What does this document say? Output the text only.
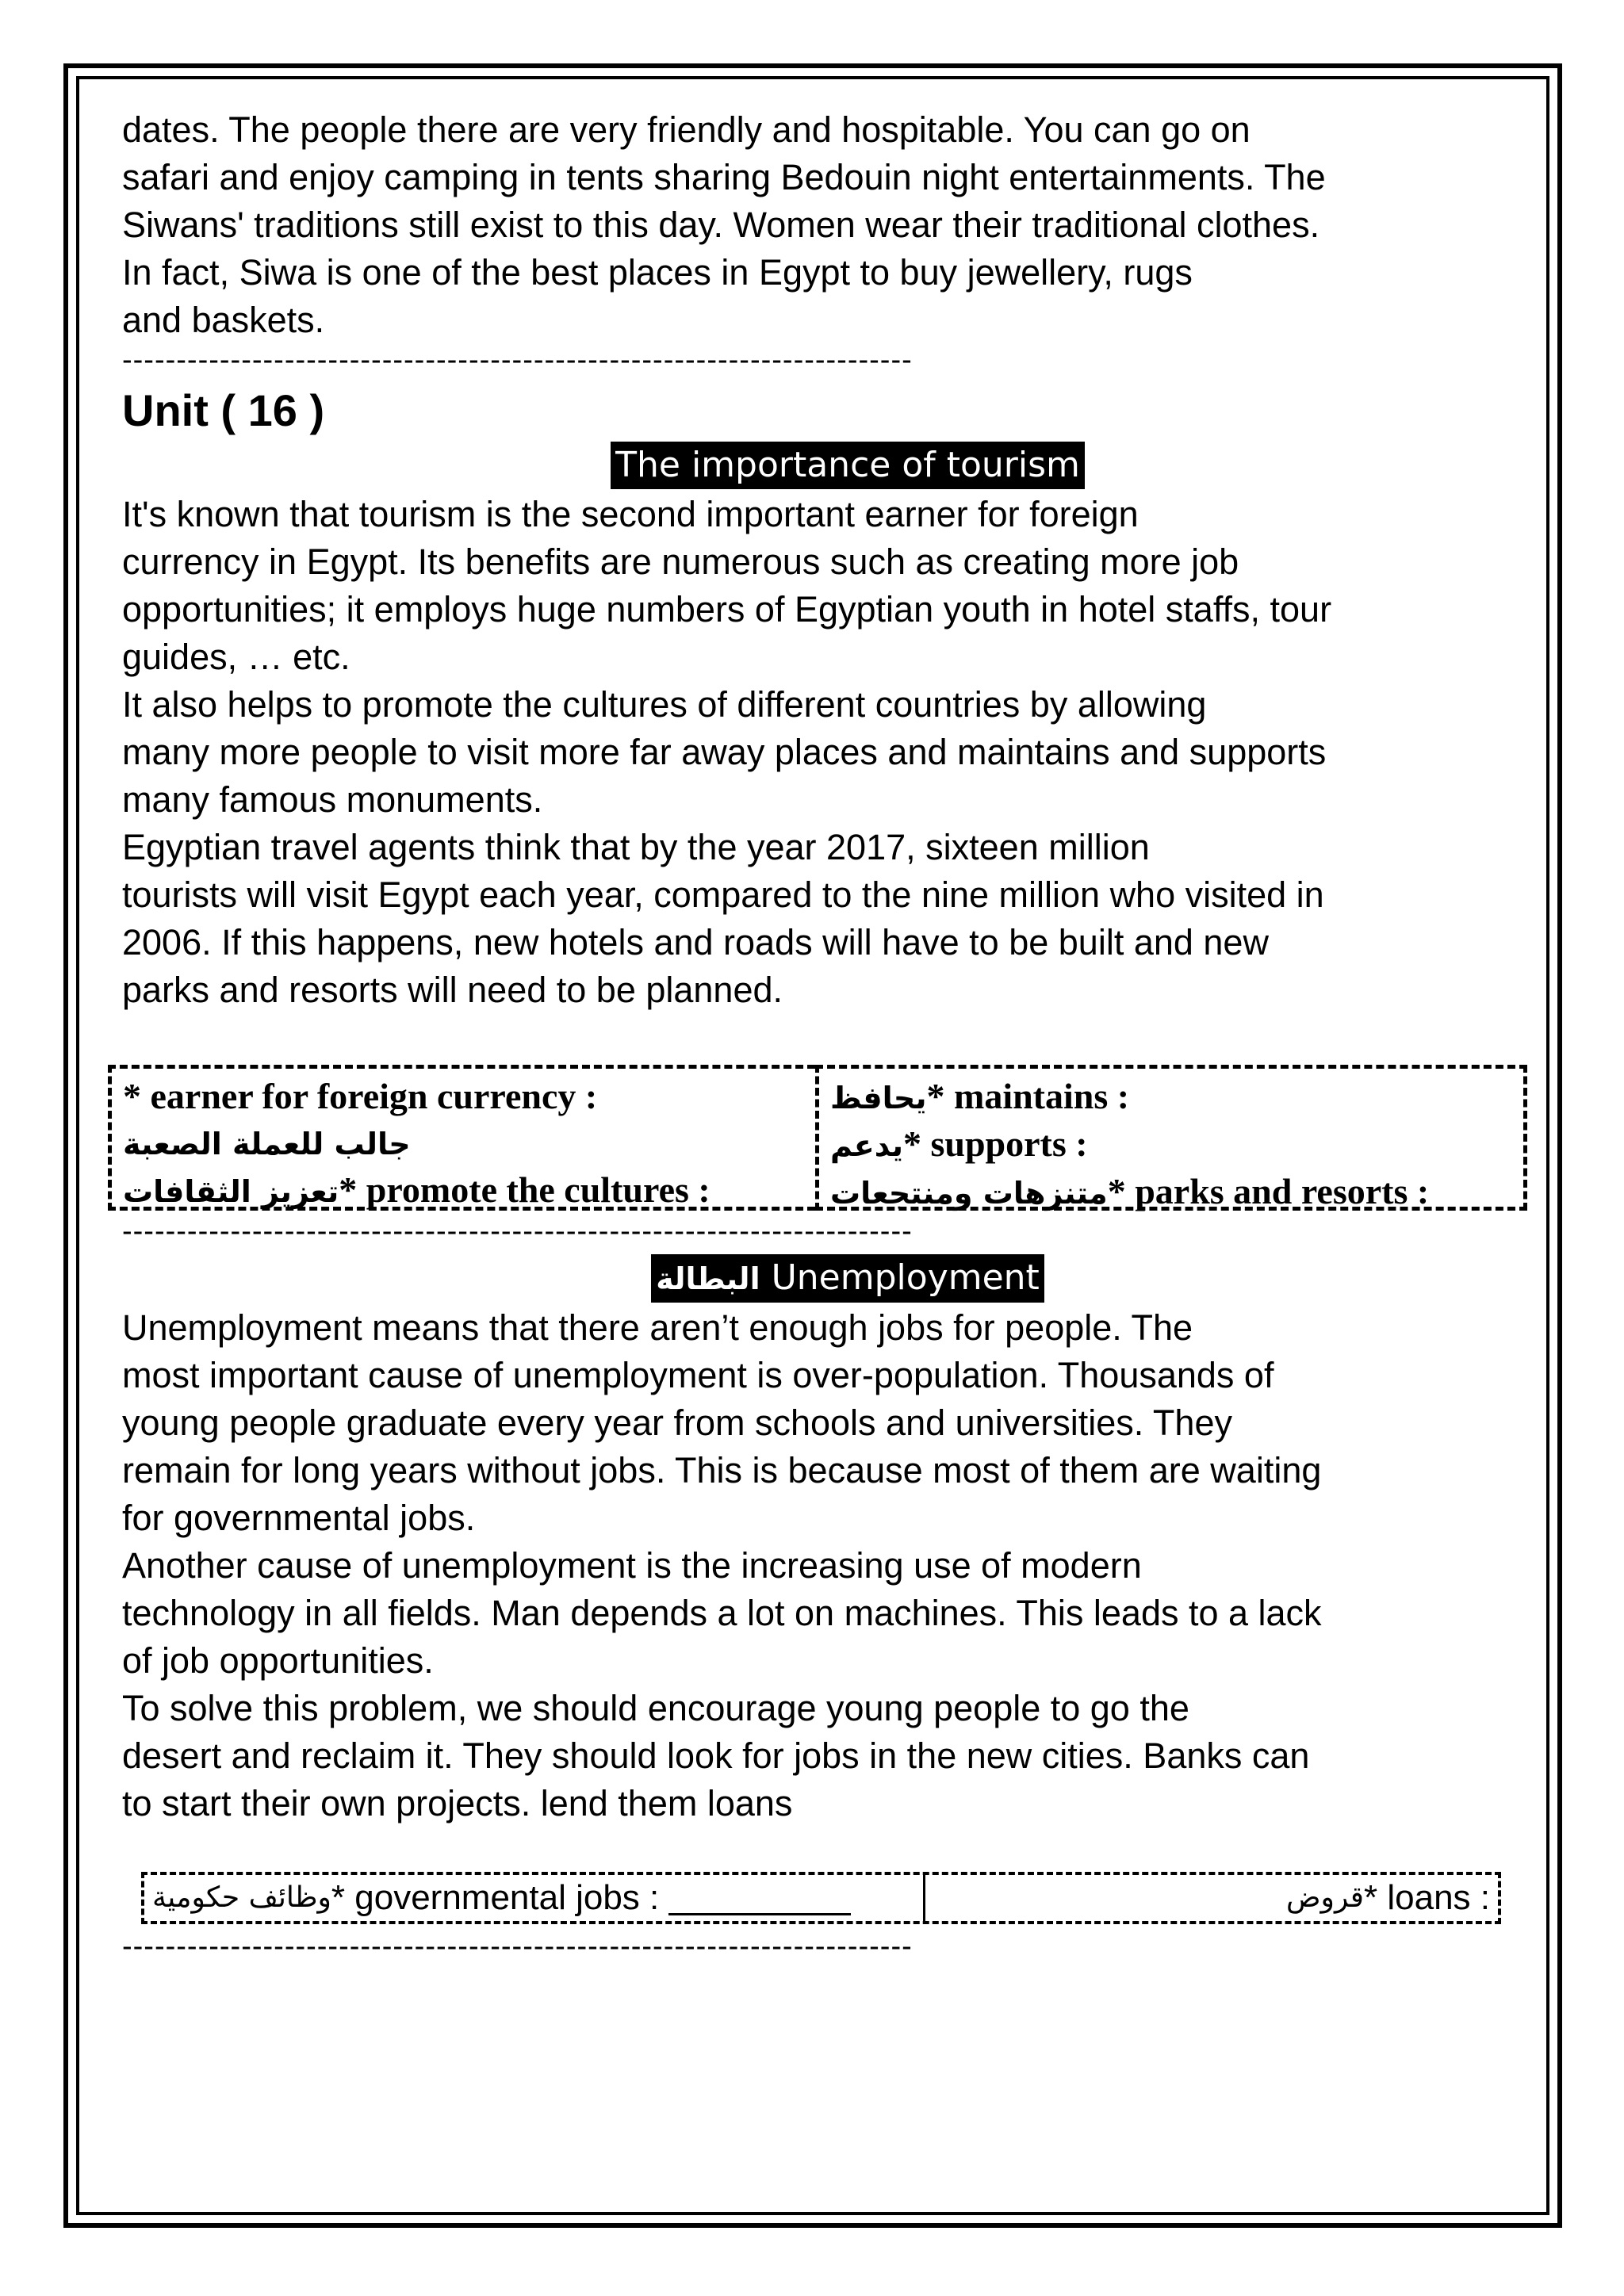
dates. The people there are very friendly and hospitable. You can go on

safari and enjoy camping in tents sharing Bedouin night entertainments. The

Siwans' traditions still exist to this day. Women wear their traditional clothes.

In fact, Siwa is one of the best places in Egypt to buy jewellery, rugs

and baskets.

-------------------------------------------------------------------------
Unit ( 16 )
The importance of tourism

It's known that tourism is the second important earner for foreign

currency in Egypt. Its benefits are numerous such as creating more job

opportunities; it employs huge numbers of Egyptian youth in hotel staffs, tour

guides, … etc.

It also helps to promote the cultures of different countries by allowing

many more people to visit more far away places and maintains and supports

many famous monuments.

Egyptian travel agents think that by the year 2017, sixteen million

tourists will visit Egypt each year, compared to the nine million who visited in

2006. If this happens, new hotels and roads will have to be built and new

parks and resorts will need to be planned.

* earner for foreign currency :
جالب للعملة الصعبة
تعزيز الثقافات* promote the cultures :
يحافظ* maintains :
يدعم* supports :
متنزهات ومنتجعات* parks and resorts :
-------------------------------------------------------------------------
البطالة Unemployment

Unemployment means that there aren’t enough jobs for people. The

most important cause of unemployment is over-population. Thousands of

young people graduate every year from schools and universities. They

remain for long years without jobs. This is because most of them are waiting

for governmental jobs.

Another cause of unemployment is the increasing use of modern

technology in all fields. Man depends a lot on machines. This leads to a lack

of job opportunities.

To solve this problem, we should encourage young people to go the

desert and reclaim it. They should look for jobs in the new cities. Banks can

to start their own projects. lend them loans

وظائف حكومية * governmental jobs :	قروض * loans :
-------------------------------------------------------------------------
